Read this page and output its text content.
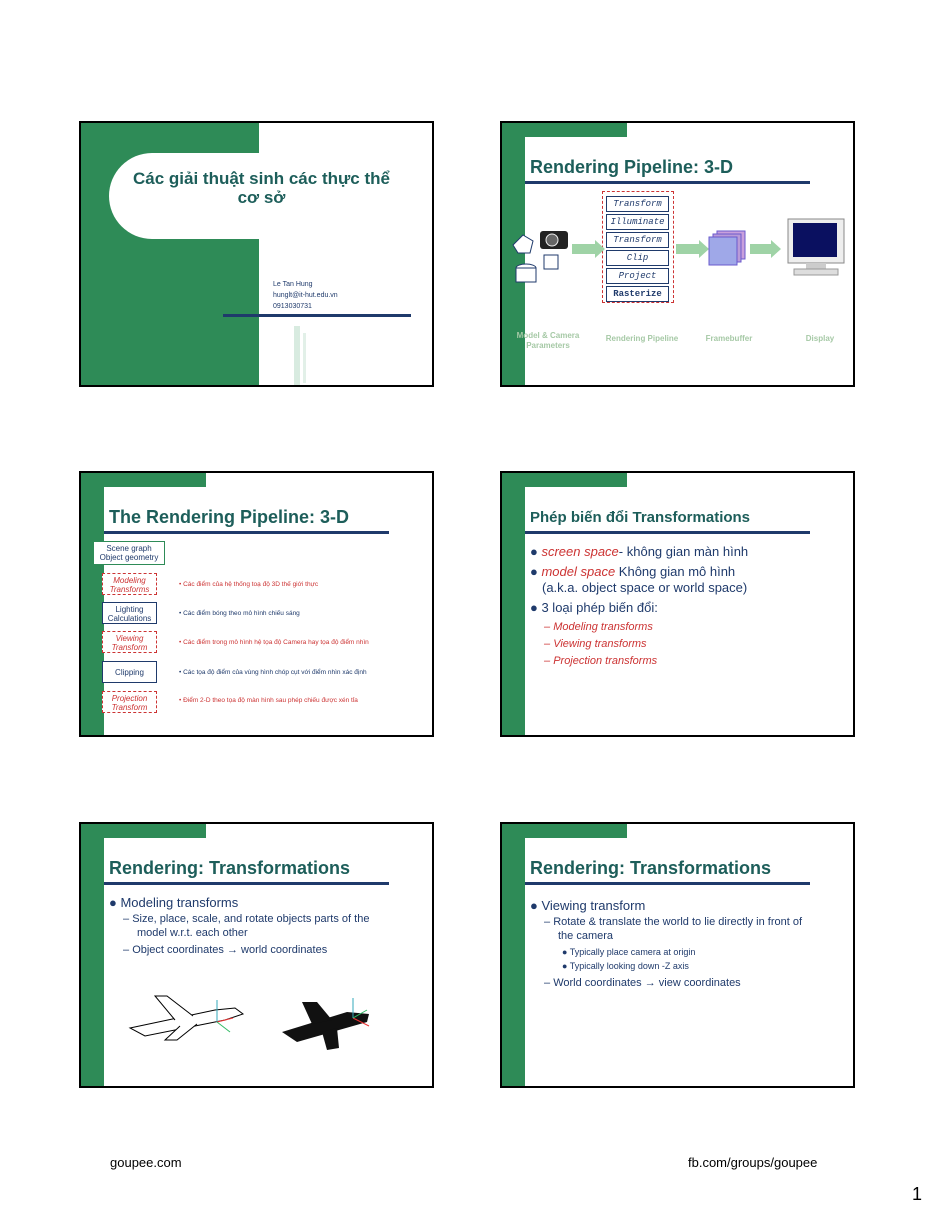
Các giải thuật sinh các thực thể
cơ sở
Le Tan Hung
hunglt@it-hut.edu.vn
0913030731
Rendering Pipeline: 3-D
Transform
Illuminate
Transform
Clip
Project
Rasterize
Model & Camera
Parameters
Rendering Pipeline	Framebuffer	Display
The Rendering Pipeline: 3-D
Scene graph
Object geometry
Modeling
Transforms
Lighting
Calculations
Viewing
Transform
Clipping
Projection
Transform
• Các điểm của hệ thống toạ độ 3D thế giới thực
• Các điểm bóng theo mô hình chiếu sáng
• Các điểm trong mô hình hệ tọa độ Camera hay tọa độ điểm nhìn
• Các tọa độ điểm của vùng hình chóp cụt với điểm nhìn xác định
• Điểm 2-D theo tọa độ màn hình sau phép chiếu được xén tỉa
Phép biến đổi Transformations
● screen space- không gian màn hình
● model space Không gian mô hình
(a.k.a. object space or world space)
● 3 loại phép biến đổi:
– Modeling transforms
– Viewing transforms
– Projection transforms
Rendering: Transformations
● Modeling transforms
– Size, place, scale, and rotate objects parts of the
model w.r.t. each other
– Object coordinates → world coordinates
Rendering: Transformations
● Viewing transform
– Rotate & translate the world to lie directly in front of
the camera
● Typically place camera at origin
● Typically looking down -Z axis
– World coordinates → view coordinates
goupee.com	fb.com/groups/goupee
1
